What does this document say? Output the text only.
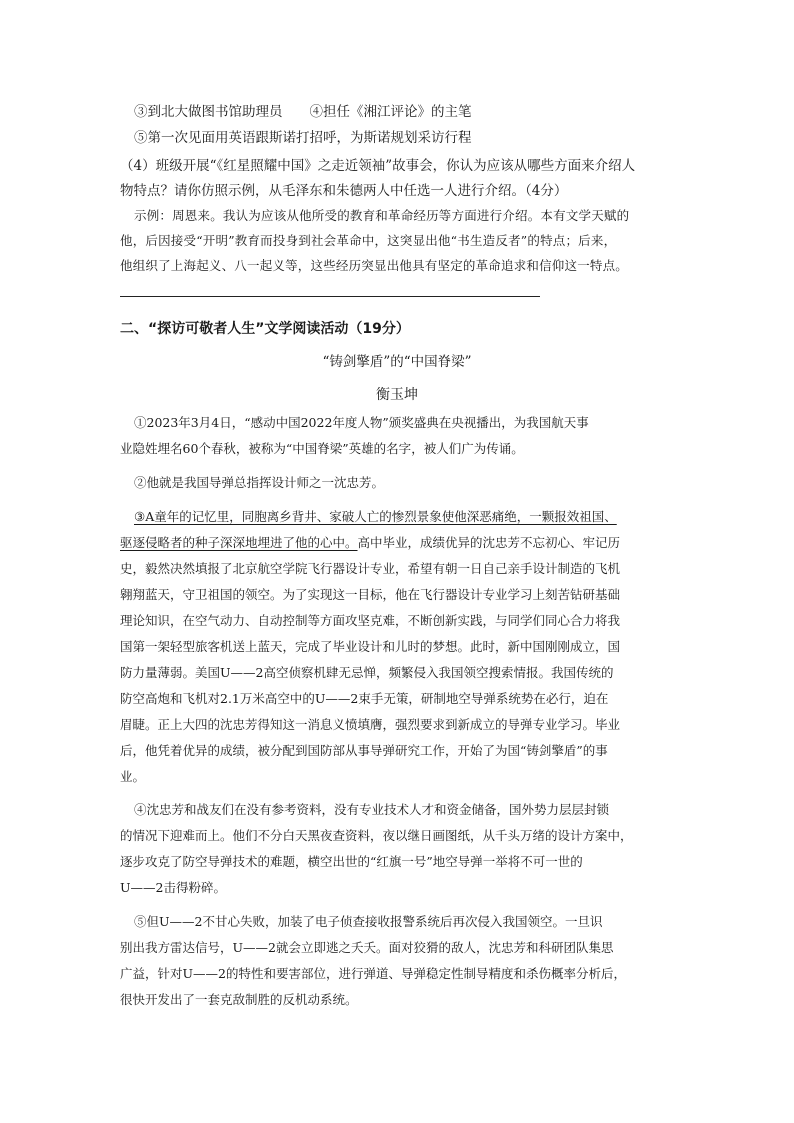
③到北大做图书馆助理员　　④担任《湘江评论》的主笔
⑤第一次见面用英语跟斯诺打招呼，为斯诺规划采访行程
（4）班级开展“《红星照耀中国》之走近领袖”故事会，你认为应该从哪些方面来介绍人
物特点？请你仿照示例，从毛泽东和朱德两人中任选一人进行介绍。（4分）
示例：周恩来。我认为应该从他所受的教育和革命经历等方面进行介绍。本有文学天赋的
他，后因接受“开明”教育而投身到社会革命中，这突显出他“书生造反者”的特点；后来，
他组织了上海起义、八一起义等，这些经历突显出他具有坚定的革命追求和信仰这一特点。
二、“探访可敬者人生”文学阅读活动（19分）
“铸剑擎盾”的“中国脊梁”
衡玉坤
①2023年3月4日，“感动中国2022年度人物”颁奖盛典在央视播出，为我国航天事
业隐姓埋名60个春秋，被称为“中国脊梁”英雄的名字，被人们广为传诵。
②他就是我国导弹总指挥设计师之一沈忠芳。
③A童年的记忆里，同胞离乡背井、家破人亡的惨烈景象使他深恶痛绝，一颗报效祖国、
驱逐侵略者的种子深深地埋进了他的心中。高中毕业，成绩优异的沈忠芳不忘初心、牢记历
史，毅然决然填报了北京航空学院飞行器设计专业，希望有朝一日自己亲手设计制造的飞机
翱翔蓝天，守卫祖国的领空。为了实现这一目标，他在飞行器设计专业学习上刻苦钻研基础
理论知识，在空气动力、自动控制等方面攻坚克难，不断创新实践，与同学们同心合力将我
国第一架轻型旅客机送上蓝天，完成了毕业设计和儿时的梦想。此时，新中国刚刚成立，国
防力量薄弱。美国U——2高空侦察机肆无忌惮，频繁侵入我国领空搜索情报。我国传统的
防空高炮和飞机对2.1万米高空中的U——2束手无策，研制地空导弹系统势在必行，迫在
眉睫。正上大四的沈忠芳得知这一消息义愤填膺，强烈要求到新成立的导弹专业学习。毕业
后，他凭着优异的成绩，被分配到国防部从事导弹研究工作，开始了为国“铸剑擎盾”的事
业。
④沈忠芳和战友们在没有参考资料，没有专业技术人才和资金储备，国外势力层层封锁
的情况下迎难而上。他们不分白天黑夜查资料，夜以继日画图纸，从千头万绪的设计方案中，
逐步攻克了防空导弹技术的难题，横空出世的“红旗一号”地空导弹一举将不可一世的
U——2击得粉碎。
⑤但U——2不甘心失败，加装了电子侦查接收报警系统后再次侵入我国领空。一旦识
别出我方雷达信号，U——2就会立即逃之夭夭。面对狡猾的敌人，沈忠芳和科研团队集思
广益，针对U——2的特性和要害部位，进行弹道、导弹稳定性制导精度和杀伤概率分析后，
很快开发出了一套克敌制胜的反机动系统。
